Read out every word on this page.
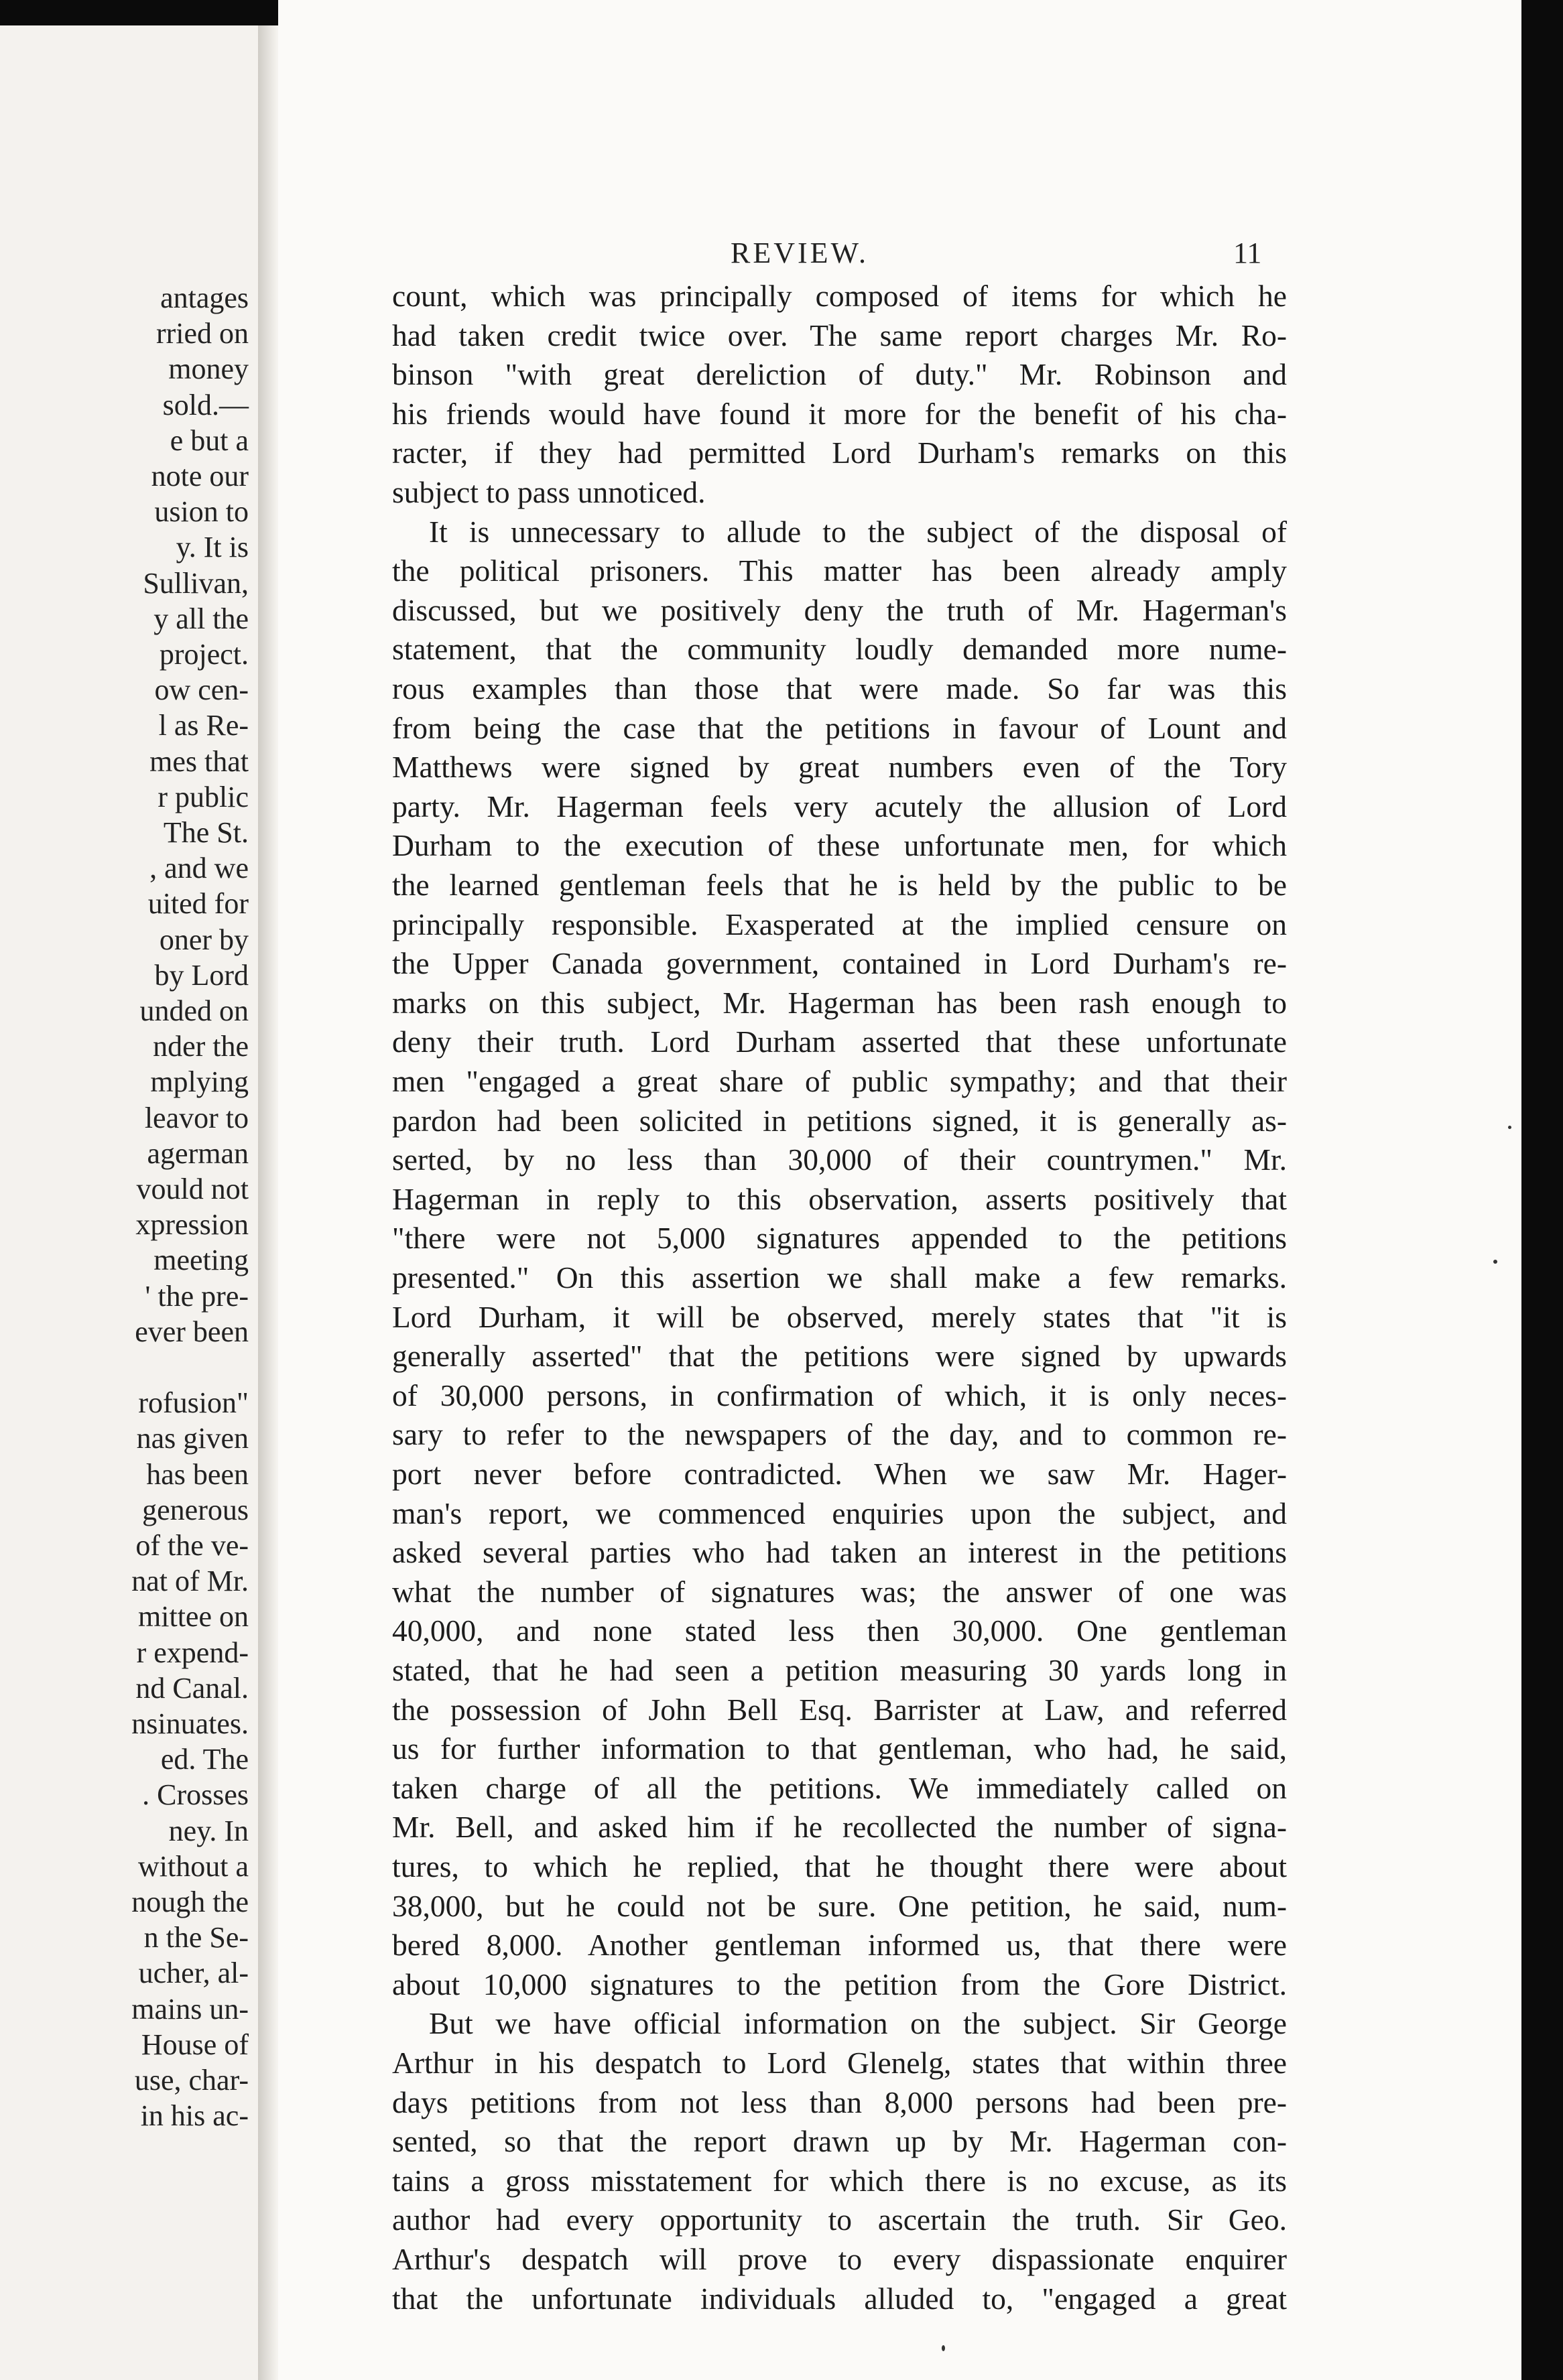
antages
rried on
money
sold.—
e but a
note our
usion to
y. It is
Sullivan,
y all the
project.
ow cen-
l as Re-
mes that
r public
The St.
, and we
uited for
oner by
by Lord
unded on
nder the
mplying
leavor to
agerman
vould not
xpression
meeting
' the pre-
ever been
rofusion"
nas given
has been
generous
of the ve-
nat of Mr.
mittee on
r expend-
nd Canal.
nsinuates.
ed. The
. Crosses
ney. In
without a
nough the
n the Se-
ucher, al-
mains un-
House of
use, char-
in his ac-
REVIEW.	11
count, which was principally composed of items for which he
had taken credit twice over. The same report charges Mr. Ro-
binson "with great dereliction of duty." Mr. Robinson and
his friends would have found it more for the benefit of his cha-
racter, if they had permitted Lord Durham's remarks on this
subject to pass unnoticed.
It is unnecessary to allude to the subject of the disposal of
the political prisoners. This matter has been already amply
discussed, but we positively deny the truth of Mr. Hagerman's
statement, that the community loudly demanded more nume-
rous examples than those that were made. So far was this
from being the case that the petitions in favour of Lount and
Matthews were signed by great numbers even of the Tory
party. Mr. Hagerman feels very acutely the allusion of Lord
Durham to the execution of these unfortunate men, for which
the learned gentleman feels that he is held by the public to be
principally responsible. Exasperated at the implied censure on
the Upper Canada government, contained in Lord Durham's re-
marks on this subject, Mr. Hagerman has been rash enough to
deny their truth. Lord Durham asserted that these unfortunate
men "engaged a great share of public sympathy; and that their
pardon had been solicited in petitions signed, it is generally as-
serted, by no less than 30,000 of their countrymen." Mr.
Hagerman in reply to this observation, asserts positively that
"there were not 5,000 signatures appended to the petitions
presented." On this assertion we shall make a few remarks.
Lord Durham, it will be observed, merely states that "it is
generally asserted" that the petitions were signed by upwards
of 30,000 persons, in confirmation of which, it is only neces-
sary to refer to the newspapers of the day, and to common re-
port never before contradicted. When we saw Mr. Hager-
man's report, we commenced enquiries upon the subject, and
asked several parties who had taken an interest in the petitions
what the number of signatures was; the answer of one was
40,000, and none stated less then 30,000. One gentleman
stated, that he had seen a petition measuring 30 yards long in
the possession of John Bell Esq. Barrister at Law, and referred
us for further information to that gentleman, who had, he said,
taken charge of all the petitions. We immediately called on
Mr. Bell, and asked him if he recollected the number of signa-
tures, to which he replied, that he thought there were about
38,000, but he could not be sure. One petition, he said, num-
bered 8,000. Another gentleman informed us, that there were
about 10,000 signatures to the petition from the Gore District.
But we have official information on the subject. Sir George
Arthur in his despatch to Lord Glenelg, states that within three
days petitions from not less than 8,000 persons had been pre-
sented, so that the report drawn up by Mr. Hagerman con-
tains a gross misstatement for which there is no excuse, as its
author had every opportunity to ascertain the truth. Sir Geo.
Arthur's despatch will prove to every dispassionate enquirer
that the unfortunate individuals alluded to, "engaged a great
